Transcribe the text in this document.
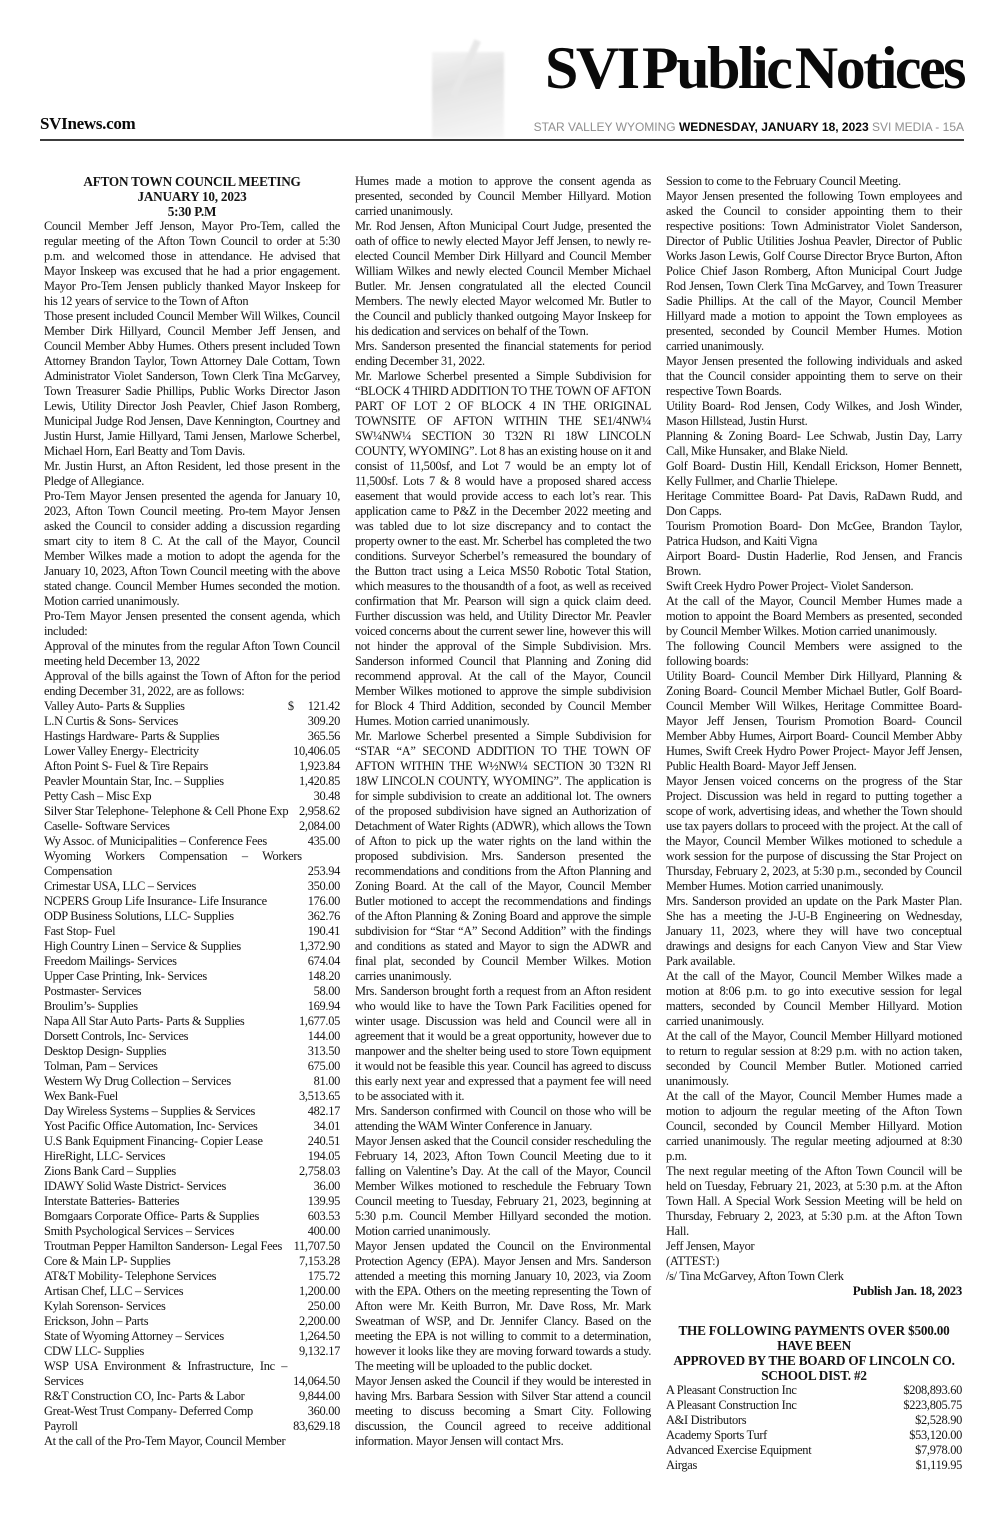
SVI Public Notices
SVInews.com	STAR VALLEY WYOMING WEDNESDAY, JANUARY 18, 2023 SVI MEDIA - 15A
AFTON TOWN COUNCIL MEETING
JANUARY 10, 2023
5:30 P.M
Council Member Jeff Jenson, Mayor Pro-Tem, called the regular meeting of the Afton Town Council to order at 5:30 p.m. and welcomed those in attendance. He advised that Mayor Inskeep was excused that he had a prior engagement. Mayor Pro-Tem Jensen publicly thanked Mayor Inskeep for his 12 years of service to the Town of Afton
Those present included Council Member Will Wilkes, Council Member Dirk Hillyard, Council Member Jeff Jensen, and Council Member Abby Humes. Others present included Town Attorney Brandon Taylor, Town Attorney Dale Cottam, Town Administrator Violet Sanderson, Town Clerk Tina McGarvey, Town Treasurer Sadie Phillips, Public Works Director Jason Lewis, Utility Director Josh Peavler, Chief Jason Romberg, Municipal Judge Rod Jensen, Dave Kennington, Courtney and Justin Hurst, Jamie Hillyard, Tami Jensen, Marlowe Scherbel, Michael Horn, Earl Beatty and Tom Davis.
Mr. Justin Hurst, an Afton Resident, led those present in the Pledge of Allegiance.
Pro-Tem Mayor Jensen presented the agenda for January 10, 2023, Afton Town Council meeting. Pro-tem Mayor Jensen asked the Council to consider adding a discussion regarding smart city to item 8 C. At the call of the Mayor, Council Member Wilkes made a motion to adopt the agenda for the January 10, 2023, Afton Town Council meeting with the above stated change. Council Member Humes seconded the motion. Motion carried unanimously.
Pro-Tem Mayor Jensen presented the consent agenda, which included:
Approval of the minutes from the regular Afton Town Council meeting held December 13, 2022
Approval of the bills against the Town of Afton for the period ending December 31, 2022, are as follows:
Valley Auto- Parts & Supplies	$ 121.42
L.N Curtis & Sons- Services	309.20
Hastings Hardware- Parts & Supplies	365.56
Lower Valley Energy- Electricity	10,406.05
Afton Point S- Fuel & Tire Repairs	1,923.84
Peavler Mountain Star, Inc. – Supplies	1,420.85
Petty Cash – Misc Exp	30.48
Silver Star Telephone- Telephone & Cell Phone Exp 2,958.62
Caselle- Software Services	2,084.00
Wy Assoc. of Municipalities – Conference Fees	435.00
Wyoming Workers Compensation – Workers Compensation	253.94
Crimestar USA, LLC – Services	350.00
NCPERS Group Life Insurance- Life Insurance	176.00
ODP Business Solutions, LLC- Supplies	362.76
Fast Stop- Fuel	190.41
High Country Linen – Service & Supplies	1,372.90
Freedom Mailings- Services	674.04
Upper Case Printing, Ink- Services	148.20
Postmaster- Services	58.00
Broulim’s- Supplies	169.94
Napa All Star Auto Parts- Parts & Supplies	1,677.05
Dorsett Controls, Inc- Services	144.00
Desktop Design- Supplies	313.50
Tolman, Pam – Services	675.00
Western Wy Drug Collection – Services	81.00
Wex Bank-Fuel	3,513.65
Day Wireless Systems – Supplies & Services	482.17
Yost Pacific Office Automation, Inc- Services	34.01
U.S Bank Equipment Financing- Copier Lease	240.51
HireRight, LLC- Services	194.05
Zions Bank Card – Supplies	2,758.03
IDAWY Solid Waste District- Services	36.00
Interstate Batteries- Batteries	139.95
Bomgaars Corporate Office- Parts & Supplies	603.53
Smith Psychological Services – Services	400.00
Troutman Pepper Hamilton Sanderson- Legal Fees 11,707.50
Core & Main LP- Supplies	7,153.28
AT&T Mobility- Telephone Services	175.72
Artisan Chef, LLC – Services	1,200.00
Kylah Sorenson- Services	250.00
Erickson, John – Parts	2,200.00
State of Wyoming Attorney – Services	1,264.50
CDW LLC- Supplies	9,132.17
WSP USA Environment & Infrastructure, Inc – Services	14,064.50
R&T Construction CO, Inc- Parts & Labor	9,844.00
Great-West Trust Company- Deferred Comp	360.00
Payroll	83,629.18
At the call of the Pro-Tem Mayor, Council Member
Humes made a motion to approve the consent agenda as presented, seconded by Council Member Hillyard. Motion carried unanimously.
Mr. Rod Jensen, Afton Municipal Court Judge, presented the oath of office to newly elected Mayor Jeff Jensen, to newly re-elected Council Member Dirk Hillyard and Council Member William Wilkes and newly elected Council Member Michael Butler. Mr. Jensen congratulated all the elected Council Members. The newly elected Mayor welcomed Mr. Butler to the Council and publicly thanked outgoing Mayor Inskeep for his dedication and services on behalf of the Town.
Mrs. Sanderson presented the financial statements for period ending December 31, 2022.
Mr. Marlowe Scherbel presented a Simple Subdivision for “BLOCK 4 THIRD ADDITION TO THE TOWN OF AFTON PART OF LOT 2 OF BLOCK 4 IN THE ORIGINAL TOWNSITE OF AFTON WITHIN THE SE1/4NW¼ SW¼NW¼ SECTION 30 T32N Rl 18W LINCOLN COUNTY, WYOMING”. Lot 8 has an existing house on it and consist of 11,500sf, and Lot 7 would be an empty lot of 11,500sf. Lots 7 & 8 would have a proposed shared access easement that would provide access to each lot’s rear. This application came to P&Z in the December 2022 meeting and was tabled due to lot size discrepancy and to contact the property owner to the east. Mr. Scherbel has completed the two conditions. Surveyor Scherbel’s remeasured the boundary of the Button tract using a Leica MS50 Robotic Total Station, which measures to the thousandth of a foot, as well as received confirmation that Mr. Pearson will sign a quick claim deed. Further discussion was held, and Utility Director Mr. Peavler voiced concerns about the current sewer line, however this will not hinder the approval of the Simple Subdivision. Mrs. Sanderson informed Council that Planning and Zoning did recommend approval. At the call of the Mayor, Council Member Wilkes motioned to approve the simple subdivision for Block 4 Third Addition, seconded by Council Member Humes. Motion carried unanimously.
Mr. Marlowe Scherbel presented a Simple Subdivision for “STAR “A” SECOND ADDITION TO THE TOWN OF AFTON WITHIN THE W½NW¼ SECTION 30 T32N Rl 18W LINCOLN COUNTY, WYOMING”. The application is for simple subdivision to create an additional lot. The owners of the proposed subdivision have signed an Authorization of Detachment of Water Rights (ADWR), which allows the Town of Afton to pick up the water rights on the land within the proposed subdivision. Mrs. Sanderson presented the recommendations and conditions from the Afton Planning and Zoning Board. At the call of the Mayor, Council Member Butler motioned to accept the recommendations and findings of the Afton Planning & Zoning Board and approve the simple subdivision for “Star “A” Second Addition” with the findings and conditions as stated and Mayor to sign the ADWR and final plat, seconded by Council Member Wilkes. Motion carries unanimously.
Mrs. Sanderson brought forth a request from an Afton resident who would like to have the Town Park Facilities opened for winter usage. Discussion was held and Council were all in agreement that it would be a great opportunity, however due to manpower and the shelter being used to store Town equipment it would not be feasible this year. Council has agreed to discuss this early next year and expressed that a payment fee will need to be associated with it.
Mrs. Sanderson confirmed with Council on those who will be attending the WAM Winter Conference in January.
Mayor Jensen asked that the Council consider rescheduling the February 14, 2023, Afton Town Council Meeting due to it falling on Valentine’s Day. At the call of the Mayor, Council Member Wilkes motioned to reschedule the February Town Council meeting to Tuesday, February 21, 2023, beginning at 5:30 p.m. Council Member Hillyard seconded the motion. Motion carried unanimously.
Mayor Jensen updated the Council on the Environmental Protection Agency (EPA). Mayor Jensen and Mrs. Sanderson attended a meeting this morning January 10, 2023, via Zoom with the EPA. Others on the meeting representing the Town of Afton were Mr. Keith Burron, Mr. Dave Ross, Mr. Mark Sweatman of WSP, and Dr. Jennifer Clancy. Based on the meeting the EPA is not willing to commit to a determination, however it looks like they are moving forward towards a study. The meeting will be uploaded to the public docket.
Mayor Jensen asked the Council if they would be interested in having Mrs. Barbara Session with Silver Star attend a council meeting to discuss becoming a Smart City. Following discussion, the Council agreed to receive additional information. Mayor Jensen will contact Mrs.
Session to come to the February Council Meeting.
Mayor Jensen presented the following Town employees and asked the Council to consider appointing them to their respective positions: Town Administrator Violet Sanderson, Director of Public Utilities Joshua Peavler, Director of Public Works Jason Lewis, Golf Course Director Bryce Burton, Afton Police Chief Jason Romberg, Afton Municipal Court Judge Rod Jensen, Town Clerk Tina McGarvey, and Town Treasurer Sadie Phillips. At the call of the Mayor, Council Member Hillyard made a motion to appoint the Town employees as presented, seconded by Council Member Humes. Motion carried unanimously.
Mayor Jensen presented the following individuals and asked that the Council consider appointing them to serve on their respective Town Boards.
Utility Board- Rod Jensen, Cody Wilkes, and Josh Winder, Mason Hillstead, Justin Hurst.
Planning & Zoning Board- Lee Schwab, Justin Day, Larry Call, Mike Hunsaker, and Blake Nield.
Golf Board- Dustin Hill, Kendall Erickson, Homer Bennett, Kelly Fullmer, and Charlie Thielepe.
Heritage Committee Board- Pat Davis, RaDawn Rudd, and Don Capps.
Tourism Promotion Board- Don McGee, Brandon Taylor, Patrica Hudson, and Kaiti Vigna
Airport Board- Dustin Haderlie, Rod Jensen, and Francis Brown.
Swift Creek Hydro Power Project- Violet Sanderson.
At the call of the Mayor, Council Member Humes made a motion to appoint the Board Members as presented, seconded by Council Member Wilkes. Motion carried unanimously.
The following Council Members were assigned to the following boards:
Utility Board- Council Member Dirk Hillyard, Planning & Zoning Board- Council Member Michael Butler, Golf Board- Council Member Will Wilkes, Heritage Committee Board- Mayor Jeff Jensen, Tourism Promotion Board- Council Member Abby Humes, Airport Board- Council Member Abby Humes, Swift Creek Hydro Power Project- Mayor Jeff Jensen, Public Health Board- Mayor Jeff Jensen.
Mayor Jensen voiced concerns on the progress of the Star Project. Discussion was held in regard to putting together a scope of work, advertising ideas, and whether the Town should use tax payers dollars to proceed with the project. At the call of the Mayor, Council Member Wilkes motioned to schedule a work session for the purpose of discussing the Star Project on Thursday, February 2, 2023, at 5:30 p.m., seconded by Council Member Humes. Motion carried unanimously.
Mrs. Sanderson provided an update on the Park Master Plan. She has a meeting the J-U-B Engineering on Wednesday, January 11, 2023, where they will have two conceptual drawings and designs for each Canyon View and Star View Park available.
At the call of the Mayor, Council Member Wilkes made a motion at 8:06 p.m. to go into executive session for legal matters, seconded by Council Member Hillyard. Motion carried unanimously.
At the call of the Mayor, Council Member Hillyard motioned to return to regular session at 8:29 p.m. with no action taken, seconded by Council Member Butler. Motioned carried unanimously.
At the call of the Mayor, Council Member Humes made a motion to adjourn the regular meeting of the Afton Town Council, seconded by Council Member Hillyard. Motion carried unanimously. The regular meeting adjourned at 8:30 p.m.
The next regular meeting of the Afton Town Council will be held on Tuesday, February 21, 2023, at 5:30 p.m. at the Afton Town Hall. A Special Work Session Meeting will be held on Thursday, February 2, 2023, at 5:30 p.m. at the Afton Town Hall.
Jeff Jensen, Mayor
(ATTEST:)
/s/ Tina McGarvey, Afton Town Clerk
Publish Jan. 18, 2023
THE FOLLOWING PAYMENTS OVER $500.00 HAVE BEEN
APPROVED BY THE BOARD OF LINCOLN CO.
SCHOOL DIST. #2
A Pleasant Construction Inc	$208,893.60
A Pleasant Construction Inc	$223,805.75
A&I Distributors	$2,528.90
Academy Sports Turf	$53,120.00
Advanced Exercise Equipment	$7,978.00
Airgas	$1,119.95
